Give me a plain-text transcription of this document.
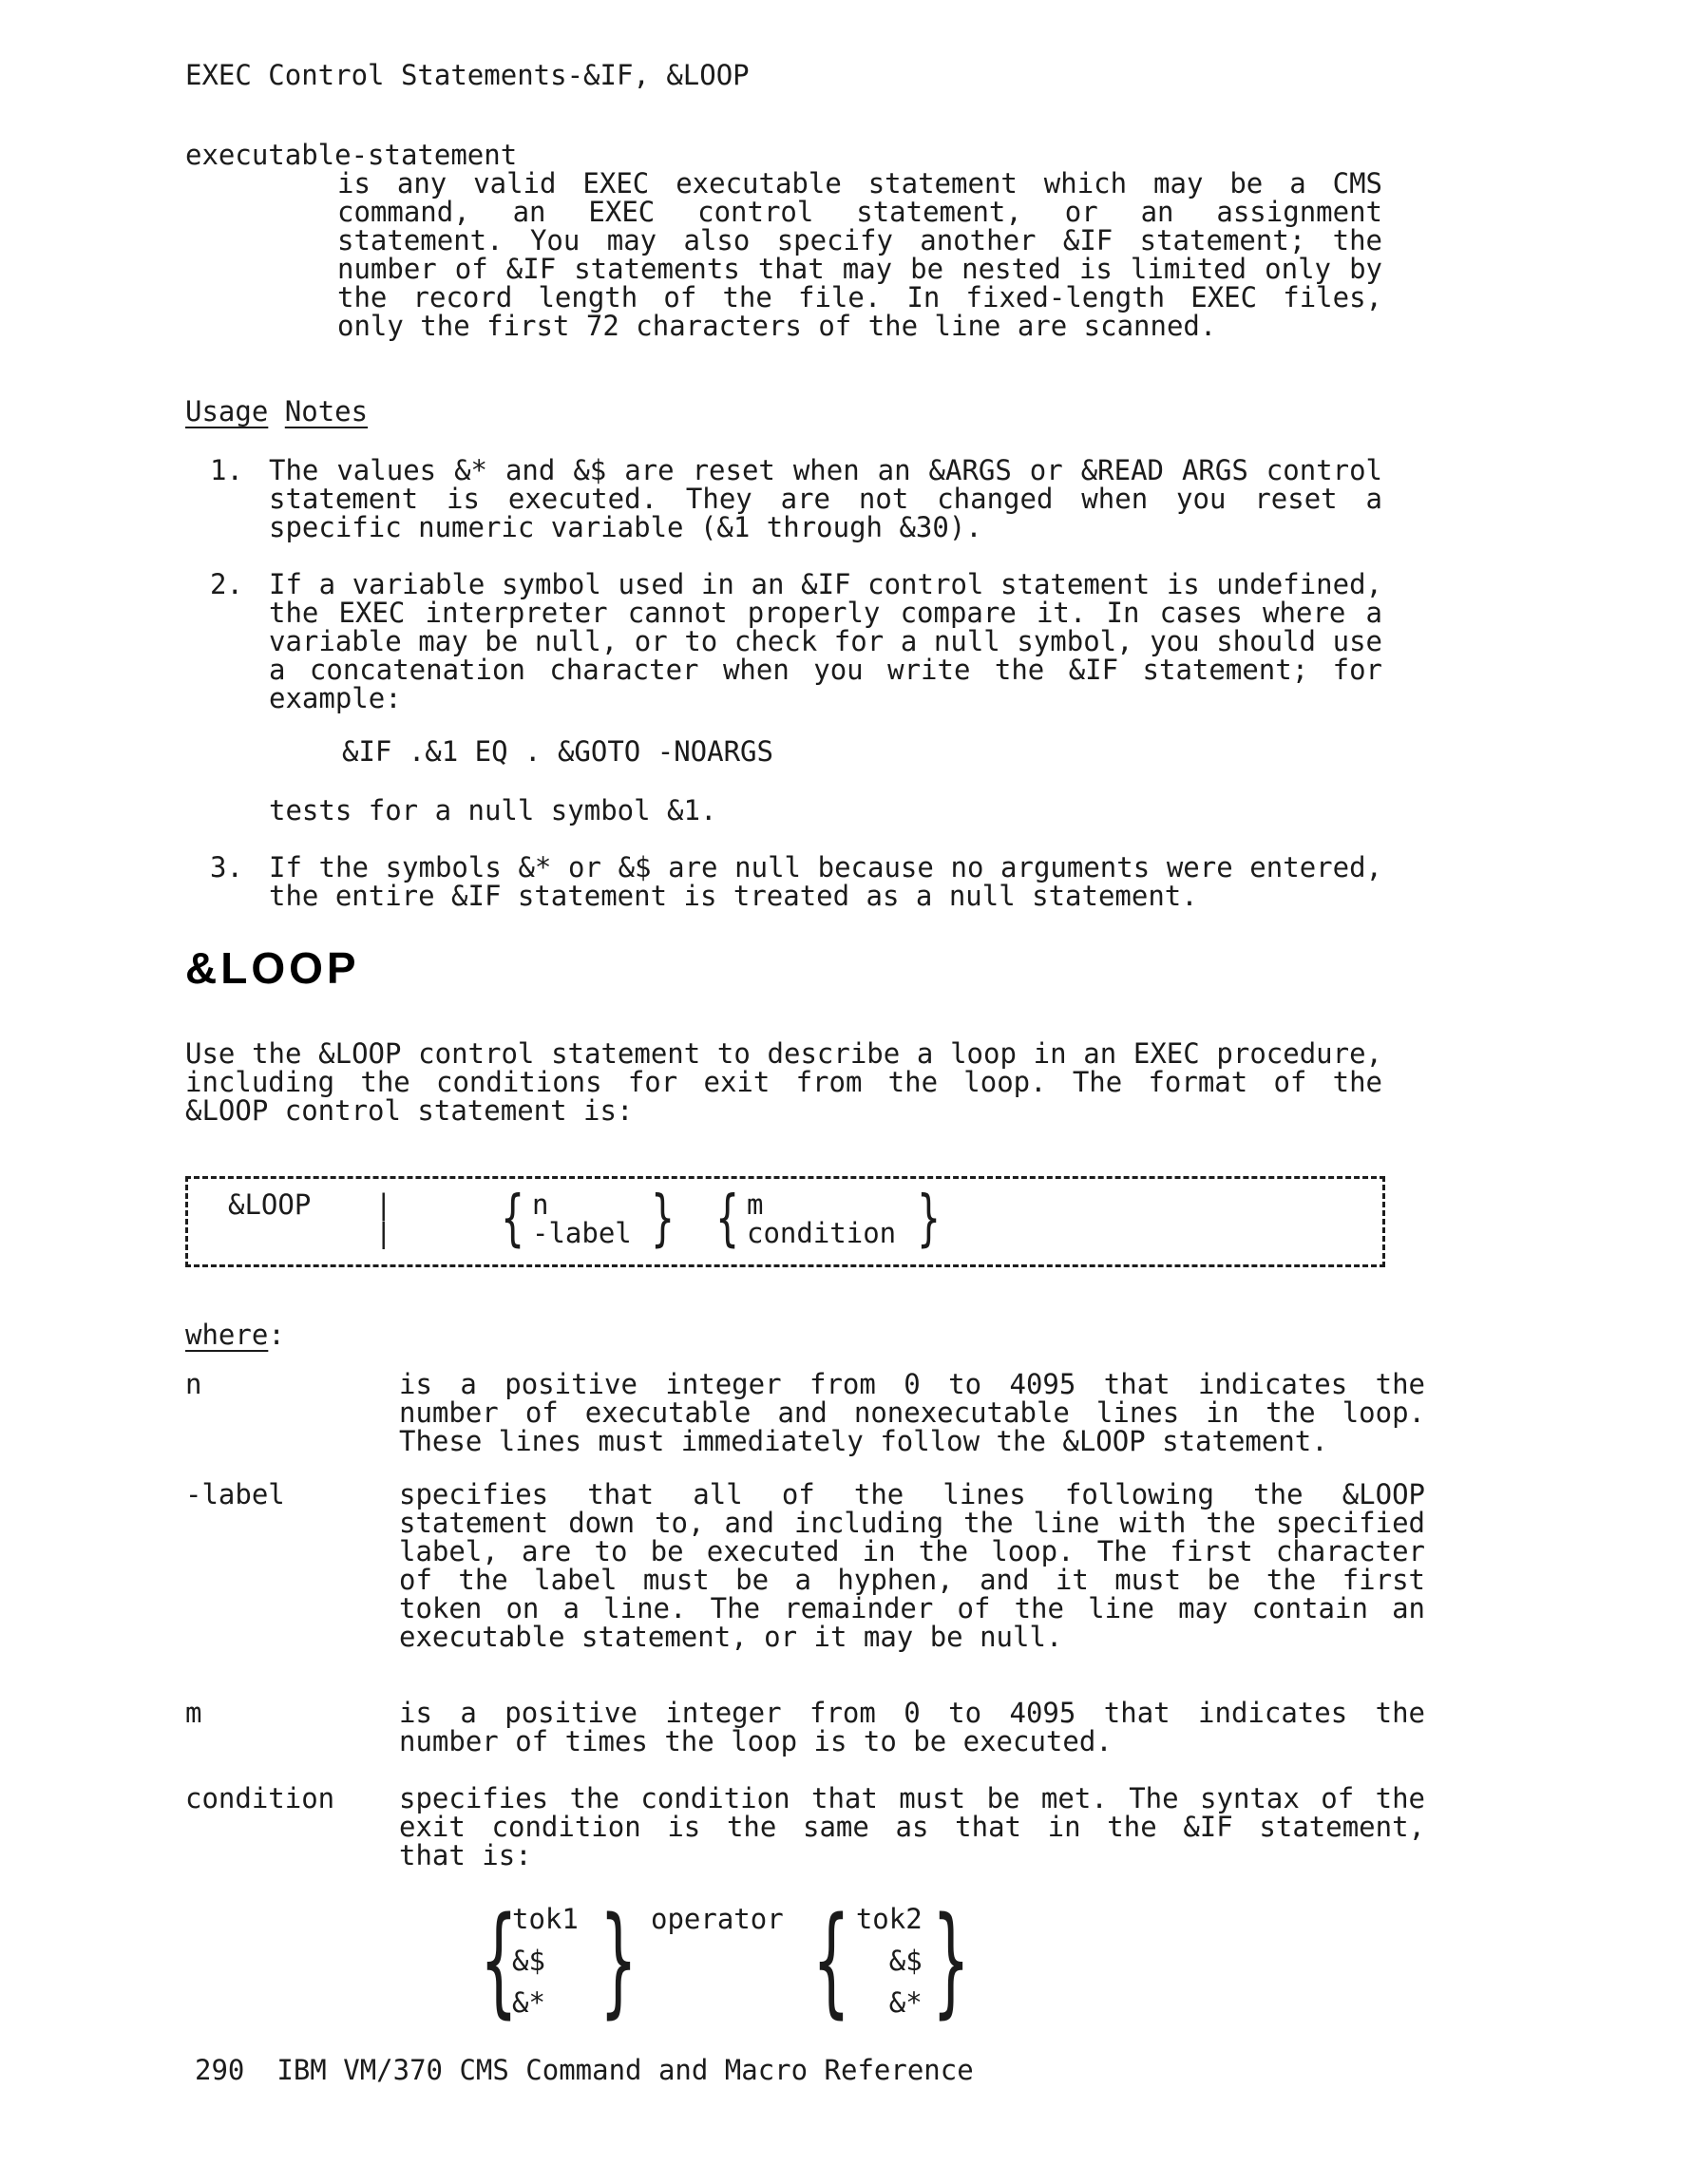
EXEC Control Statements-&IF, &LOOP
executable-statement
is any valid EXEC executable statement which may be a CMS
command, an EXEC control statement, or an assignment
statement. You may also specify another &IF statement; the
number of &IF statements that may be nested is limited only by
the record length of the file. In fixed-length EXEC files,
only the first 72 characters of the line are scanned.
Usage Notes
1. The values &* and &$ are reset when an &ARGS or &READ ARGS control
statement is executed. They are not changed when you reset a
specific numeric variable (&1 through &30).
2. If a variable symbol used in an &IF control statement is undefined,
the EXEC interpreter cannot properly compare it. In cases where a
variable may be null, or to check for a null symbol, you should use
a concatenation character when you write the &IF statement; for
example:
&IF .&1 EQ . &GOTO -NOARGS
tests for a null symbol &1.
3. If the symbols &* or &$ are null because no arguments were entered,
the entire &IF statement is treated as a null statement.
&LOOP
Use the &LOOP control statement to describe a loop in an EXEC procedure,
including the conditions for exit from the loop. The format of the
&LOOP control statement is:
&LOOP	|
|	{ n
-label } { m
condition }
where:
n	is a positive integer from 0 to 4095 that indicates the
number of executable and nonexecutable lines in the loop.
These lines must immediately follow the &LOOP statement.
-label	specifies that all of the lines following the &LOOP
statement down to, and including the line with the specified
label, are to be executed in the loop. The first character
of the label must be a hyphen, and it must be the first
token on a line. The remainder of the line may contain an
executable statement, or it may be null.
m	is a positive integer from 0 to 4095 that indicates the
number of times the loop is to be executed.
condition	specifies the condition that must be met. The syntax of the
exit condition is the same as that in the &IF statement,
that is:
{
tok1
&$
&* } operator { tok2
&$
&* }
290 IBM VM/370 CMS Command and Macro Reference
